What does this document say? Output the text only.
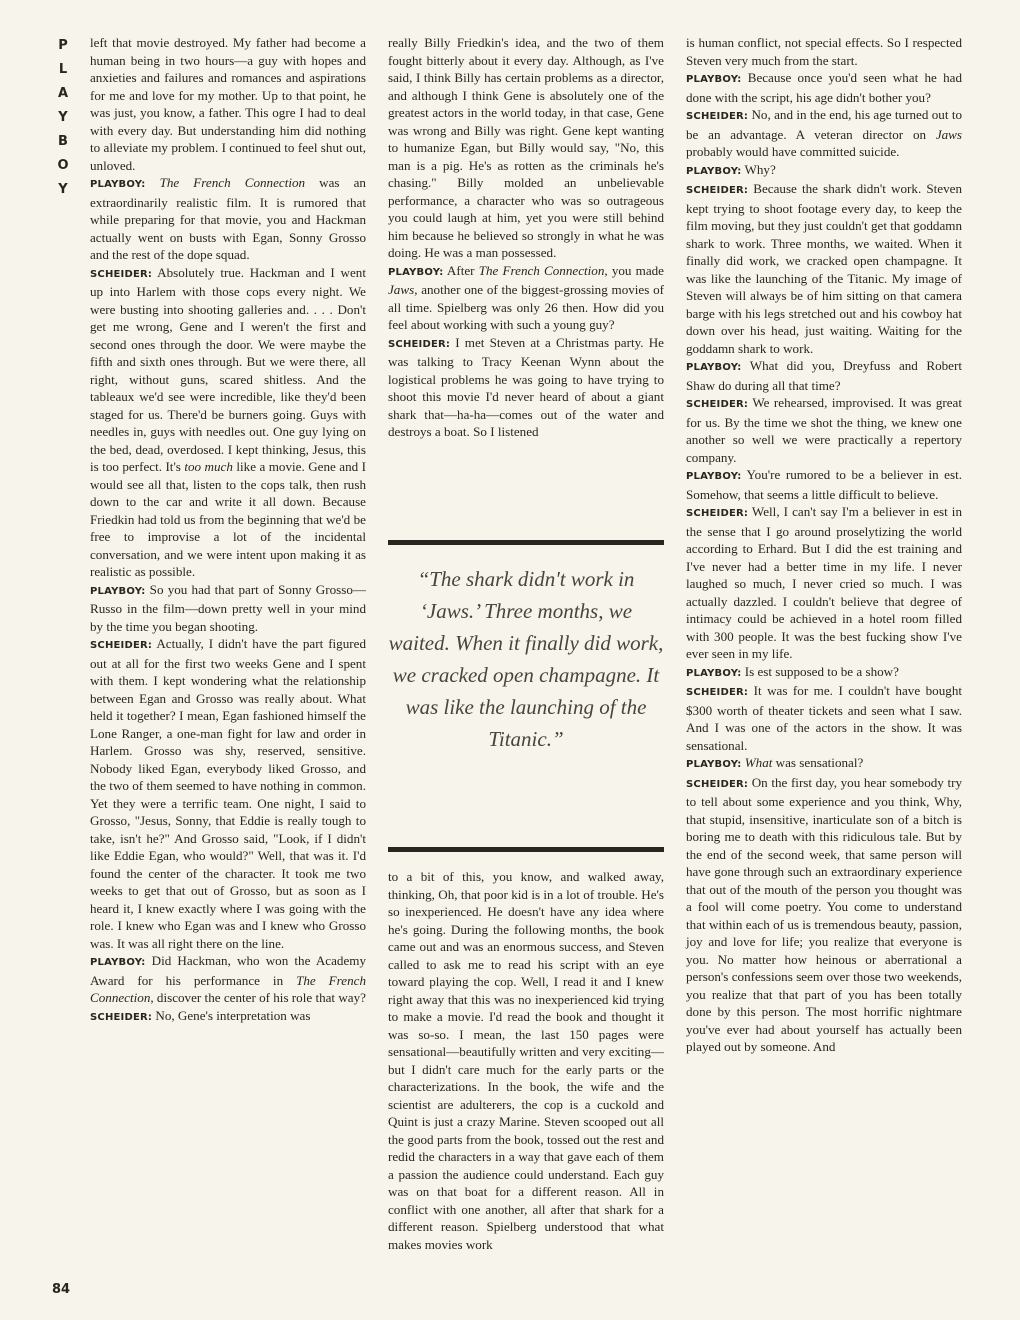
P
L
A
Y
B
O
Y
84

left that movie destroyed. My father had become a human being in two hours—a guy with hopes and anxieties and failures and romances and aspirations for me and love for my mother. Up to that point, he was just, you know, a father. This ogre I had to deal with every day. But understanding him did nothing to alleviate my problem. I continued to feel shut out, unloved.

PLAYBOY: The French Connection was an extraordinarily realistic film. It is rumored that while preparing for that movie, you and Hackman actually went on busts with Egan, Sonny Grosso and the rest of the dope squad.

SCHEIDER: Absolutely true. Hackman and I went up into Harlem with those cops every night. We were busting into shooting galleries and. . . . Don't get me wrong, Gene and I weren't the first and second ones through the door. We were maybe the fifth and sixth ones through. But we were there, all right, without guns, scared shitless. And the tableaux we'd see were incredible, like they'd been staged for us. There'd be burners going. Guys with needles in, guys with needles out. One guy lying on the bed, dead, overdosed. I kept thinking, Jesus, this is too perfect. It's too much like a movie. Gene and I would see all that, listen to the cops talk, then rush down to the car and write it all down. Because Friedkin had told us from the beginning that we'd be free to improvise a lot of the incidental conversation, and we were intent upon making it as realistic as possible.

PLAYBOY: So you had that part of Sonny Grosso—Russo in the film—down pretty well in your mind by the time you began shooting.

SCHEIDER: Actually, I didn't have the part figured out at all for the first two weeks Gene and I spent with them. I kept wondering what the relationship between Egan and Grosso was really about. What held it together? I mean, Egan fashioned himself the Lone Ranger, a one-man fight for law and order in Harlem. Grosso was shy, reserved, sensitive. Nobody liked Egan, everybody liked Grosso, and the two of them seemed to have nothing in common. Yet they were a terrific team. One night, I said to Grosso, "Jesus, Sonny, that Eddie is really tough to take, isn't he?" And Grosso said, "Look, if I didn't like Eddie Egan, who would?" Well, that was it. I'd found the center of the character. It took me two weeks to get that out of Grosso, but as soon as I heard it, I knew exactly where I was going with the role. I knew who Egan was and I knew who Grosso was. It was all right there on the line.

PLAYBOY: Did Hackman, who won the Academy Award for his performance in The French Connection, discover the center of his role that way?

SCHEIDER: No, Gene's interpretation was

really Billy Friedkin's idea, and the two of them fought bitterly about it every day. Although, as I've said, I think Billy has certain problems as a director, and although I think Gene is absolutely one of the greatest actors in the world today, in that case, Gene was wrong and Billy was right. Gene kept wanting to humanize Egan, but Billy would say, "No, this man is a pig. He's as rotten as the criminals he's chasing." Billy molded an unbelievable performance, a character who was so outrageous you could laugh at him, yet you were still behind him because he believed so strongly in what he was doing. He was a man possessed.

PLAYBOY: After The French Connection, you made Jaws, another one of the biggest-grossing movies of all time. Spielberg was only 26 then. How did you feel about working with such a young guy?

SCHEIDER: I met Steven at a Christmas party. He was talking to Tracy Keenan Wynn about the logistical problems he was going to have trying to shoot this movie I'd never heard of about a giant shark that—ha-ha—comes out of the water and destroys a boat. So I listened

“The shark didn't work in ‘Jaws.’ Three months, we waited. When it finally did work, we cracked open champagne. It was like the launching of the Titanic.”

to a bit of this, you know, and walked away, thinking, Oh, that poor kid is in a lot of trouble. He's so inexperienced. He doesn't have any idea where he's going. During the following months, the book came out and was an enormous success, and Steven called to ask me to read his script with an eye toward playing the cop. Well, I read it and I knew right away that this was no inexperienced kid trying to make a movie. I'd read the book and thought it was so-so. I mean, the last 150 pages were sensational—beautifully written and very exciting—but I didn't care much for the early parts or the characterizations. In the book, the wife and the scientist are adulterers, the cop is a cuckold and Quint is just a crazy Marine. Steven scooped out all the good parts from the book, tossed out the rest and redid the characters in a way that gave each of them a passion the audience could understand. Each guy was on that boat for a different reason. All in conflict with one another, all after that shark for a different reason. Spielberg understood that what makes movies work

is human conflict, not special effects. So I respected Steven very much from the start.

PLAYBOY: Because once you'd seen what he had done with the script, his age didn't bother you?

SCHEIDER: No, and in the end, his age turned out to be an advantage. A veteran director on Jaws probably would have committed suicide.

PLAYBOY: Why?

SCHEIDER: Because the shark didn't work. Steven kept trying to shoot footage every day, to keep the film moving, but they just couldn't get that goddamn shark to work. Three months, we waited. When it finally did work, we cracked open champagne. It was like the launching of the Titanic. My image of Steven will always be of him sitting on that camera barge with his legs stretched out and his cowboy hat down over his head, just waiting. Waiting for the goddamn shark to work.

PLAYBOY: What did you, Dreyfuss and Robert Shaw do during all that time?

SCHEIDER: We rehearsed, improvised. It was great for us. By the time we shot the thing, we knew one another so well we were practically a repertory company.

PLAYBOY: You're rumored to be a believer in est. Somehow, that seems a little difficult to believe.

SCHEIDER: Well, I can't say I'm a believer in est in the sense that I go around proselytizing the world according to Erhard. But I did the est training and I've never had a better time in my life. I never laughed so much, I never cried so much. I was actually dazzled. I couldn't believe that degree of intimacy could be achieved in a hotel room filled with 300 people. It was the best fucking show I've ever seen in my life.

PLAYBOY: Is est supposed to be a show?

SCHEIDER: It was for me. I couldn't have bought $300 worth of theater tickets and seen what I saw. And I was one of the actors in the show. It was sensational.

PLAYBOY: What was sensational?

SCHEIDER: On the first day, you hear somebody try to tell about some experience and you think, Why, that stupid, insensitive, inarticulate son of a bitch is boring me to death with this ridiculous tale. But by the end of the second week, that same person will have gone through such an extraordinary experience that out of the mouth of the person you thought was a fool will come poetry. You come to understand that within each of us is tremendous beauty, passion, joy and love for life; you realize that everyone is you. No matter how heinous or aberrational a person's confessions seem over those two weekends, you realize that that part of you has been totally done by this person. The most horrific nightmare you've ever had about yourself has actually been played out by someone. And
